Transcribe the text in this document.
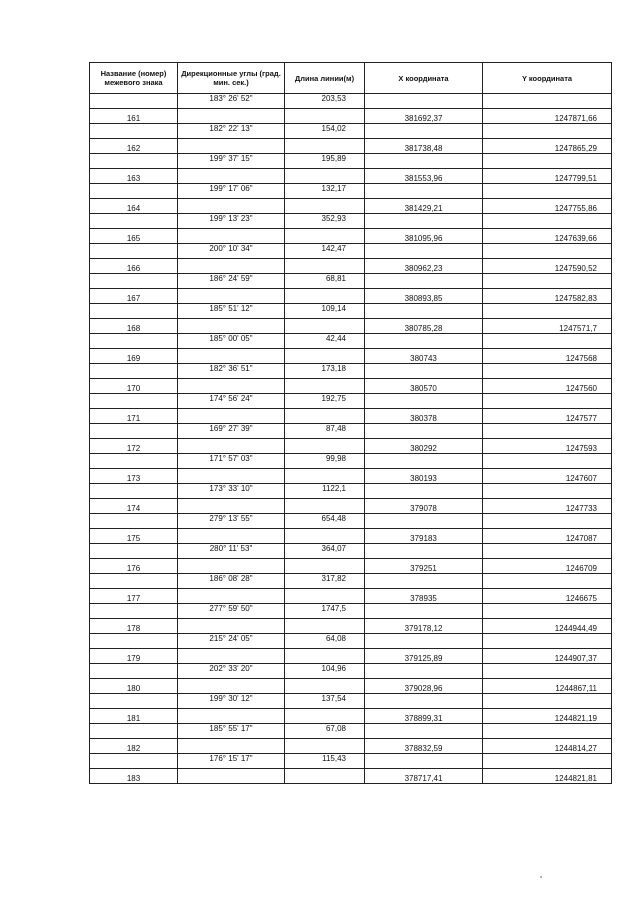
Название (номер) межевого знака	Дирекционные углы (град. мин. сек.)	Длина линии(м)	X координата	Y координата
	183° 26' 52"	203,53		
161			381692,37	1247871,66
	182° 22' 13"	154,02		
162			381738,48	1247865,29
	199° 37' 15"	195,89		
163			381553,96	1247799,51
	199° 17' 06"	132,17		
164			381429,21	1247755,86
	199° 13' 23"	352,93		
165			381095,96	1247639,66
	200° 10' 34"	142,47		
166			380962,23	1247590,52
	186° 24' 59"	68,81		
167			380893,85	1247582,83
	185° 51' 12"	109,14		
168			380785,28	1247571,7
	185° 00' 05"	42,44		
169			380743	1247568
	182° 36' 51"	173,18		
170			380570	1247560
	174° 56' 24"	192,75		
171			380378	1247577
	169° 27' 39"	87,48		
172			380292	1247593
	171° 57' 03"	99,98		
173			380193	1247607
	173° 33' 10"	1122,1		
174			379078	1247733
	279° 13' 55"	654,48		
175			379183	1247087
	280° 11' 53"	364,07		
176			379251	1246709
	186° 08' 28"	317,82		
177			378935	1246675
	277° 59' 50"	1747,5		
178			379178,12	1244944,49
	215° 24' 05"	64,08		
179			379125,89	1244907,37
	202° 33' 20"	104,96		
180			379028,96	1244867,11
	199° 30' 12"	137,54		
181			378899,31	1244821,19
	185° 55' 17"	67,08		
182			378832,59	1244814,27
	176° 15' 17"	115,43		
183			378717,41	1244821,81
